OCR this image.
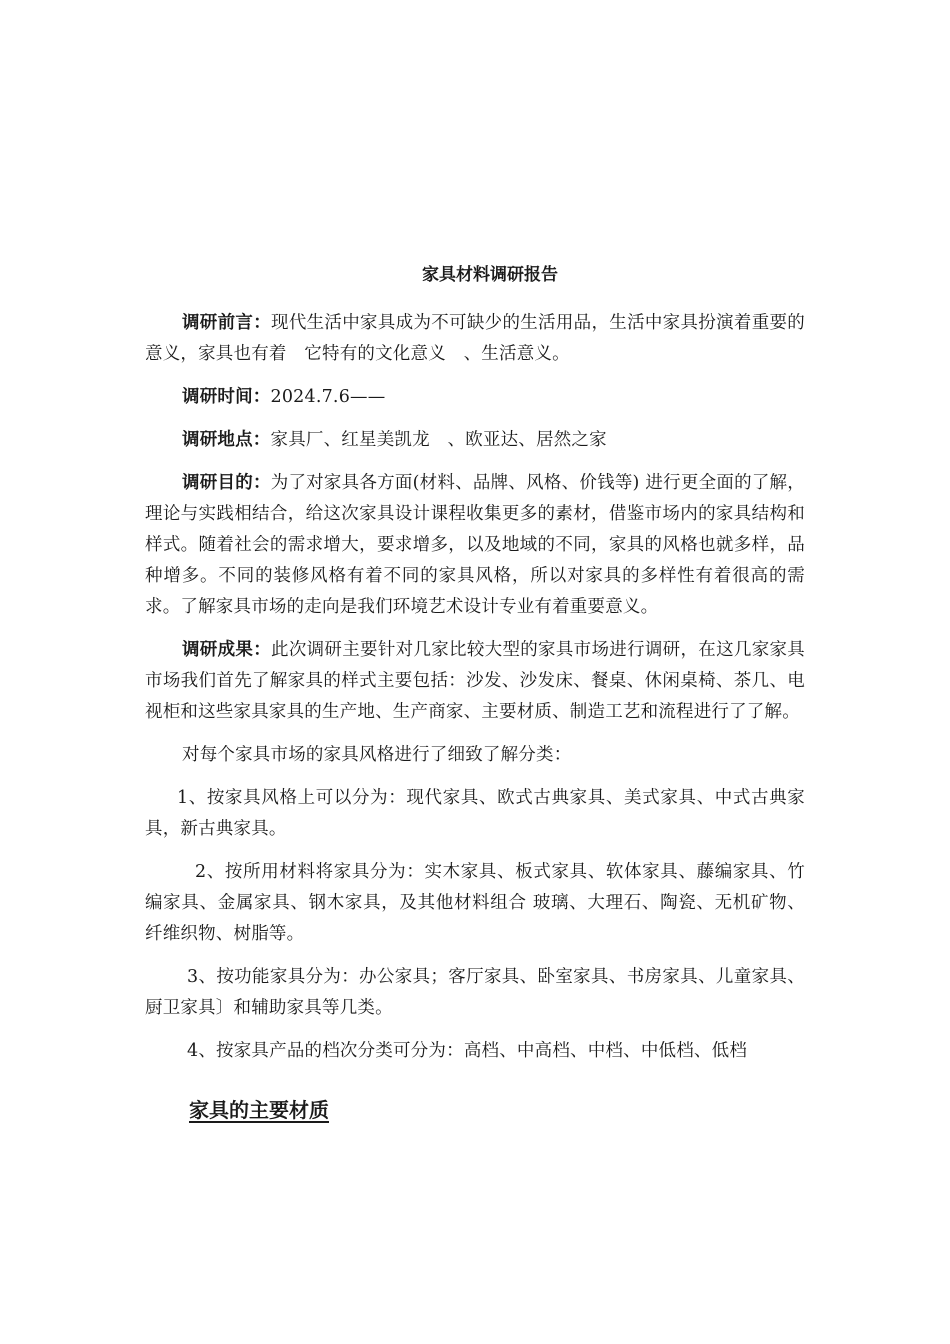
家具材料调研报告

调研前言：现代生活中家具成为不可缺少的生活用品，生活中家具扮演着重要的意义，家具也有着　它特有的文化意义　、生活意义。

调研时间：2024.7.6——

调研地点：家具厂、红星美凯龙　、欧亚达、居然之家

调研目的：为了对家具各方面(材料、品牌、风格、价钱等) 进行更全面的了解，理论与实践相结合，给这次家具设计课程收集更多的素材，借鉴市场内的家具结构和样式。随着社会的需求增大，要求增多，以及地域的不同，家具的风格也就多样，品种增多。不同的装修风格有着不同的家具风格，所以对家具的多样性有着很高的需求。了解家具市场的走向是我们环境艺术设计专业有着重要意义。

调研成果：此次调研主要针对几家比较大型的家具市场进行调研，在这几家家具市场我们首先了解家具的样式主要包括：沙发、沙发床、餐桌、休闲桌椅、茶几、电视柜和这些家具家具的生产地、生产商家、主要材质、制造工艺和流程进行了了解。

对每个家具市场的家具风格进行了细致了解分类：

1、按家具风格上可以分为：现代家具、欧式古典家具、美式家具、中式古典家具，新古典家具。

2、按所用材料将家具分为：实木家具、板式家具、软体家具、藤编家具、竹编家具、金属家具、钢木家具，及其他材料组合 玻璃、大理石、陶瓷、无机矿物、纤维织物、树脂等。

3、按功能家具分为：办公家具；客厅家具、卧室家具、书房家具、儿童家具、厨卫家具〕和辅助家具等几类。

4、按家具产品的档次分类可分为：高档、中高档、中档、中低档、低档

家具的主要材质
